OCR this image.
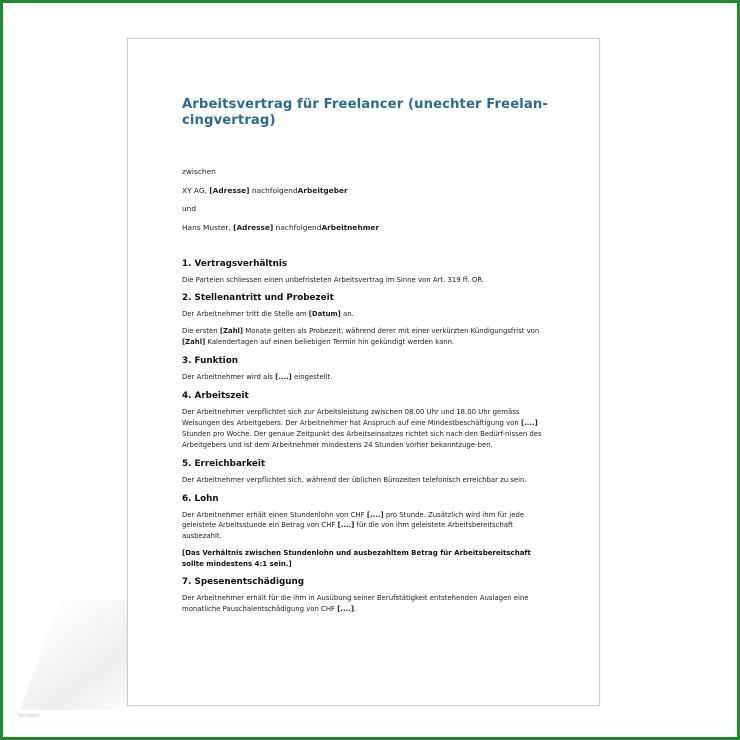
Arbeitsvertrag für Freelancer (unechter Freelan-
cingvertrag)
zwischen
XY AG, [Adresse] nachfolgendArbeitgeber
und
Hans Muster, [Adresse] nachfolgendArbeitnehmer
1. Vertragsverhältnis
Die Parteien schliessen einen unbefristeten Arbeitsvertrag im Sinne von Art. 319 ff. OR.
2. Stellenantritt und Probezeit
Der Arbeitnehmer tritt die Stelle am [Datum] an.
Die ersten [Zahl] Monate gelten als Probezeit, während derer mit einer verkürzten Kündigungsfrist von [Zahl] Kalendertagen auf einen beliebigen Termin hin gekündigt werden kann.
3. Funktion
Der Arbeitnehmer wird als [....] eingestellt.
4. Arbeitszeit
Der Arbeitnehmer verpflichtet sich zur Arbeitsleistung zwischen 08.00 Uhr und 18.00 Uhr gemäss Weisungen des Arbeitgebers. Der Arbeitnehmer hat Anspruch auf eine Mindestbeschäftigung von [....] Stunden pro Woche. Der genaue Zeitpunkt des Arbeitseinsatzes richtet sich nach den Bedürf-nissen des Arbeitgebers und ist dem Arbeitnehmer mindestens 24 Stunden vorher bekanntzuge-ben.
5. Erreichbarkeit
Der Arbeitnehmer verpflichtet sich, während der üblichen Bürozeiten telefonisch erreichbar zu sein.
6. Lohn
Der Arbeitnehmer erhält einen Stundenlohn von CHF [....] pro Stunde. Zusätzlich wird ihm für jede geleistete Arbeitsstunde ein Betrag von CHF [....] für die von ihm geleistete Arbeitsbereitschaft ausbezahlt.
[Das Verhältnis zwischen Stundenlohn und ausbezahltem Betrag für Arbeitsbereitschaft sollte mindestens 4:1 sein.]
7. Spesenentschädigung
Der Arbeitnehmer erhält für die ihm in Ausübung seiner Berufstätigkeit entstehenden Auslagen eine monatliche Pauschalentschädigung von CHF [....].
Vorlagen
